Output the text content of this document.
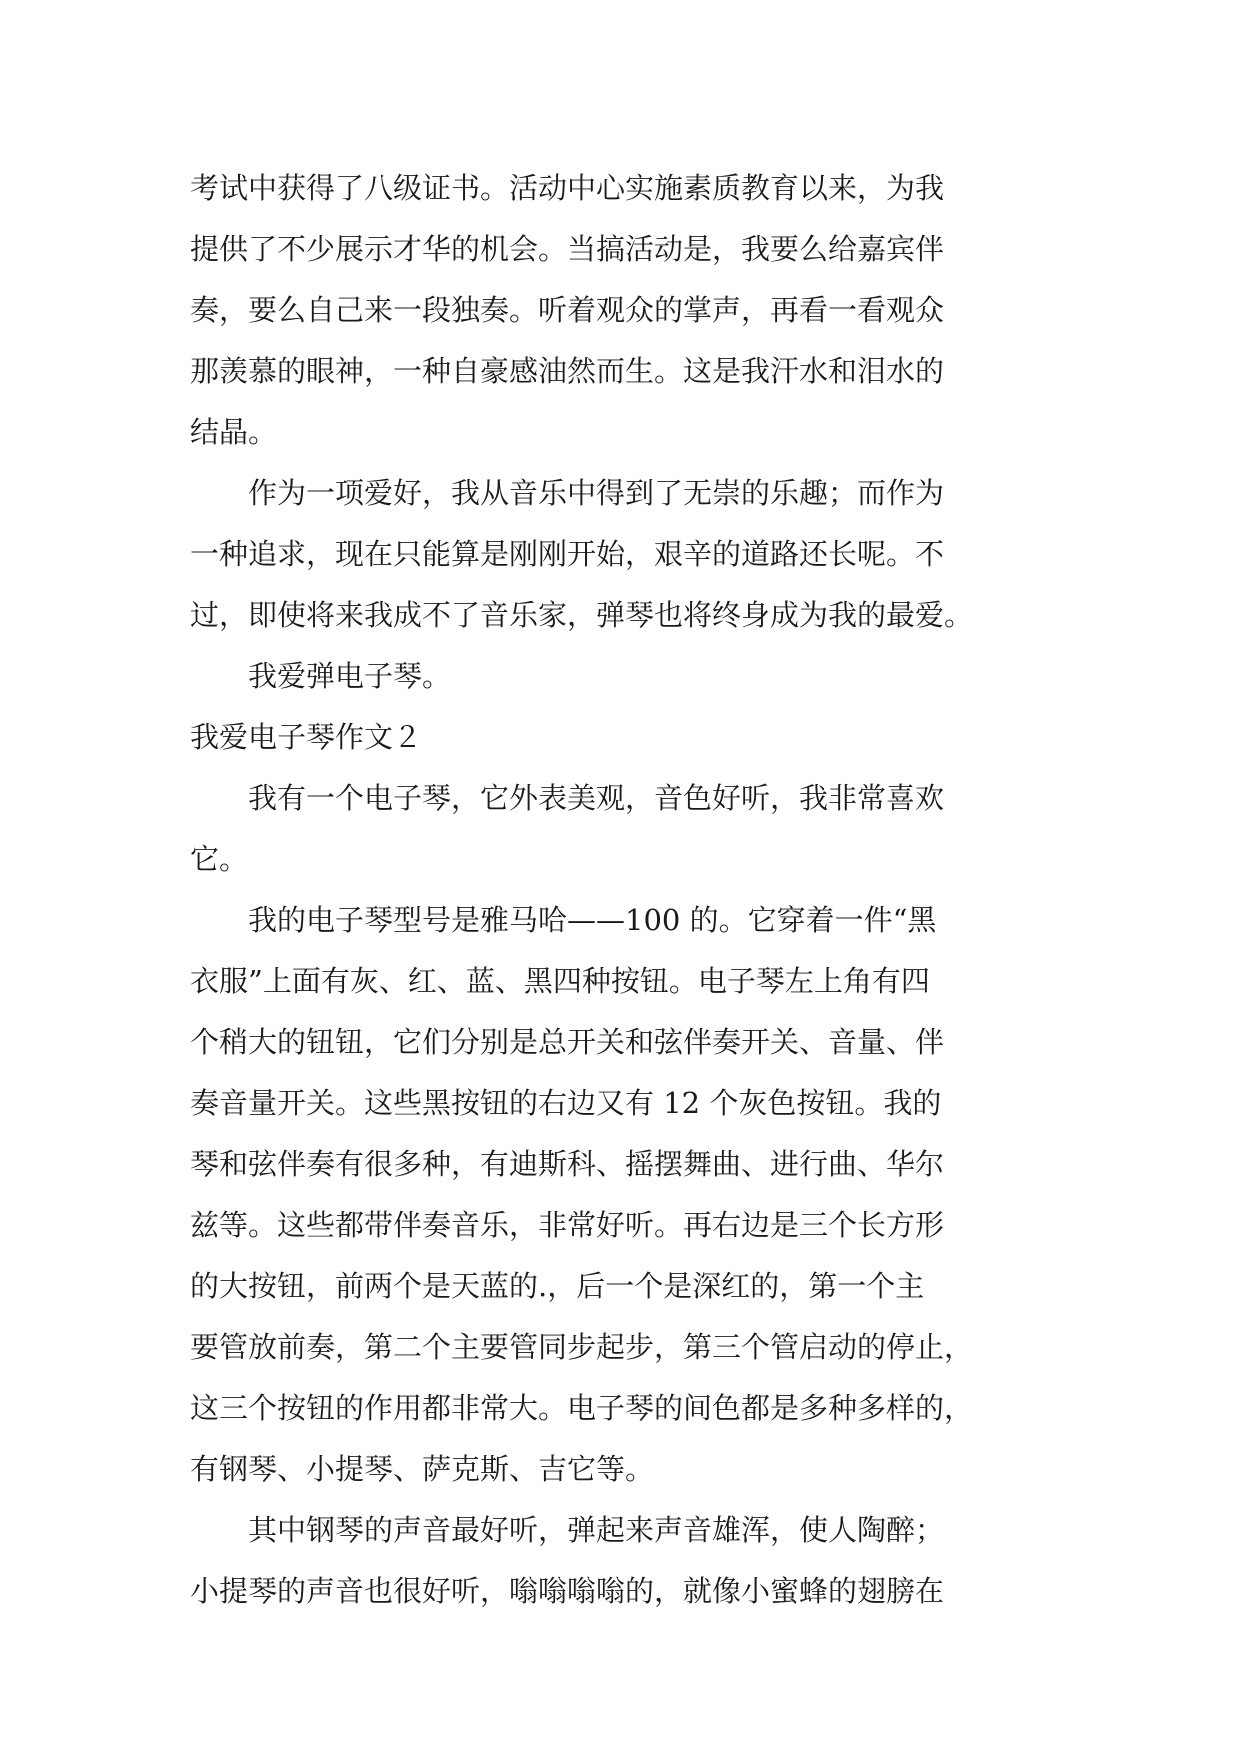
考试中获得了八级证书。活动中心实施素质教育以来，为我
提供了不少展示才华的机会。当搞活动是，我要么给嘉宾伴
奏，要么自己来一段独奏。听着观众的掌声，再看一看观众
那羡慕的眼神，一种自豪感油然而生。这是我汗水和泪水的
结晶。

作为一项爱好，我从音乐中得到了无崇的乐趣；而作为
一种追求，现在只能算是刚刚开始，艰辛的道路还长呢。不
过，即使将来我成不了音乐家，弹琴也将终身成为我的最爱。

我爱弹电子琴。

我爱电子琴作文２

我有一个电子琴，它外表美观，音色好听，我非常喜欢
它。

我的电子琴型号是雅马哈——100 的。它穿着一件“黑
衣服”上面有灰、红、蓝、黑四种按钮。电子琴左上角有四
个稍大的钮钮，它们分别是总开关和弦伴奏开关、音量、伴
奏音量开关。这些黑按钮的右边又有 12 个灰色按钮。我的
琴和弦伴奏有很多种，有迪斯科、摇摆舞曲、进行曲、华尔
兹等。这些都带伴奏音乐，非常好听。再右边是三个长方形
的大按钮，前两个是天蓝的.，后一个是深红的，第一个主
要管放前奏，第二个主要管同步起步，第三个管启动的停止，
这三个按钮的作用都非常大。电子琴的间色都是多种多样的，
有钢琴、小提琴、萨克斯、吉它等。

其中钢琴的声音最好听，弹起来声音雄浑，使人陶醉；
小提琴的声音也很好听，嗡嗡嗡嗡的，就像小蜜蜂的翅膀在
